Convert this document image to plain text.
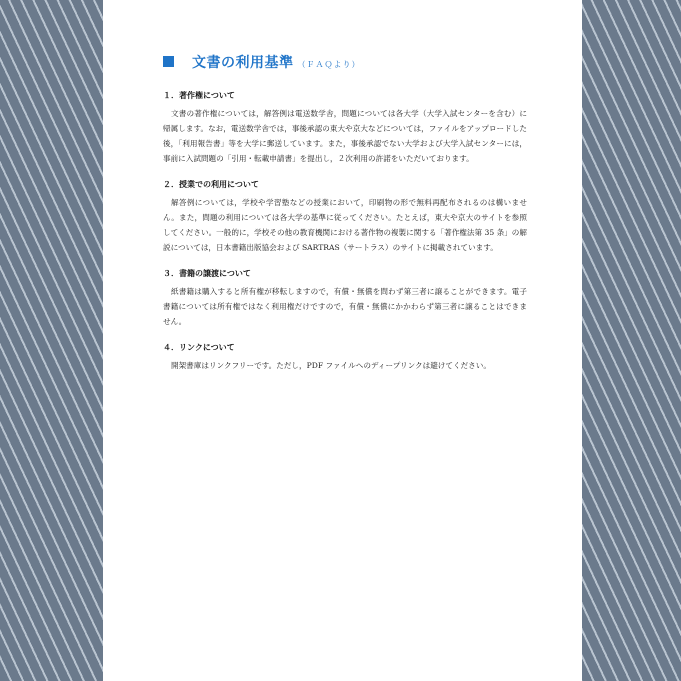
文書の利用基準 （ＦＡＱより）

１．著作権について

文書の著作権については，解答例は電送数学舎，問題については各大学（大学入試センターを含む）に帰属します。なお，電送数学舎では，事後承認の東大や京大などについては，ファイルをアップロードした後，「利用報告書」等を大学に郵送しています。また，事後承認でない大学および大学入試センターには，事前に入試問題の「引用・転載申請書」を提出し，２次利用の許諾をいただいております。

２．授業での利用について

解答例については，学校や学習塾などの授業において，印刷物の形で無料再配布されるのは構いません。また，問題の利用については各大学の基準に従ってください。たとえば，東大や京大のサイトを参照してください。一般的に，学校その他の教育機関における著作物の複製に関する「著作権法第 35 条」の解説については，日本書籍出版協会および SARTRAS（サートラス）のサイトに掲載されています。

３．書籍の譲渡について

紙書籍は購入すると所有権が移転しますので，有償・無償を問わず第三者に譲ることができます。電子書籍については所有権ではなく利用権だけですので，有償・無償にかかわらず第三者に譲ることはできません。

４．リンクについて

開架書庫はリンクフリーです。ただし，PDF ファイルへのディープリンクは避けてください。
